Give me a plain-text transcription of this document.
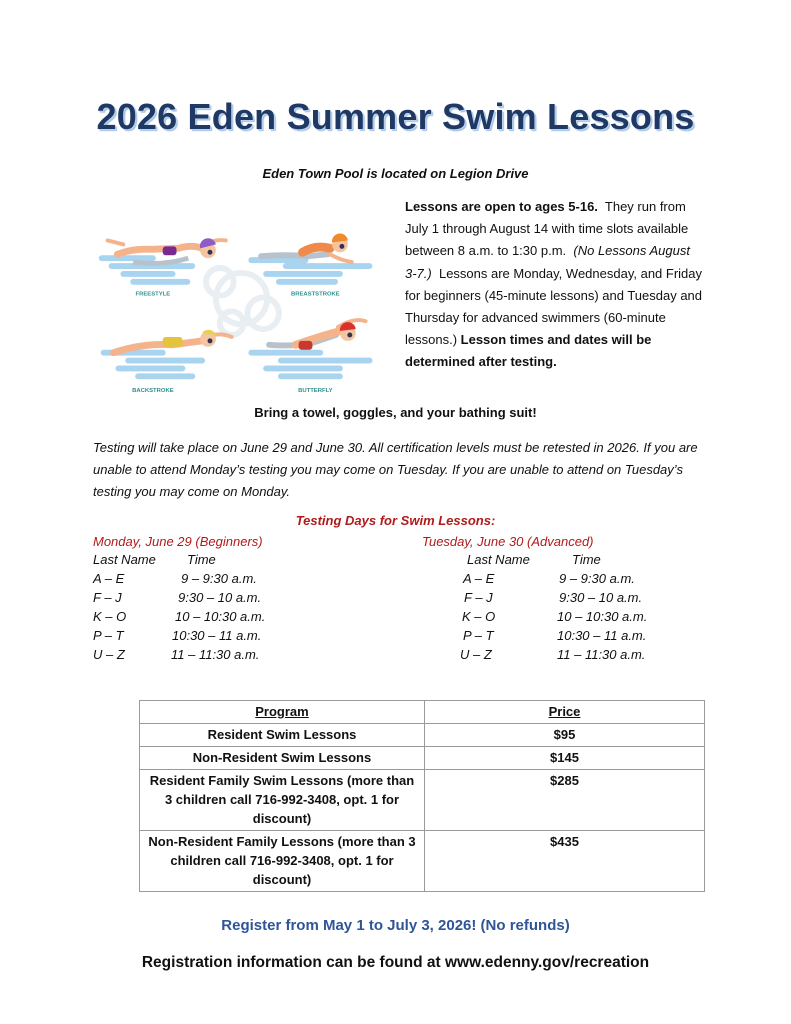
2026 Eden Summer Swim Lessons
Eden Town Pool is located on Legion Drive
FREESTYLE	BREASTSTROKE
BACKSTROKE	BUTTERFLY
Lessons are open to ages 5-16. They run from July 1 through August 14 with time slots available between 8 a.m. to 1:30 p.m. (No Lessons August 3-7.) Lessons are Monday, Wednesday, and Friday for beginners (45-minute lessons) and Tuesday and Thursday for advanced swimmers (60-minute lessons.) Lesson times and dates will be determined after testing.
Bring a towel, goggles, and your bathing suit!
Testing will take place on June 29 and June 30. All certification levels must be retested in 2026. If you are unable to attend Monday’s testing you may come on Tuesday. If you are unable to attend on Tuesday’s testing you may come on Monday.
Testing Days for Swim Lessons:
Monday, June 29 (Beginners)
Last Name Time
A – E	9 – 9:30 a.m.
F – J	9:30 – 10 a.m.
K – O	10 – 10:30 a.m.
P – T	10:30 – 11 a.m.
U – Z	11 – 11:30 a.m.
Tuesday, June 30 (Advanced)
Last Name	Time
A – E	9 – 9:30 a.m.
F – J	9:30 – 10 a.m.
K – O	10 – 10:30 a.m.
P – T	10:30 – 11 a.m.
U – Z	11 – 11:30 a.m.
Program	Price
Resident Swim Lessons	$95
Non-Resident Swim Lessons	$145
Resident Family Swim Lessons (more than 3 children call 716-992-3408, opt. 1 for discount)	$285
Non-Resident Family Lessons (more than 3 children call 716-992-3408, opt. 1 for discount)	$435
Register from May 1 to July 3, 2026! (No refunds)
Registration information can be found at www.edenny.gov/recreation
